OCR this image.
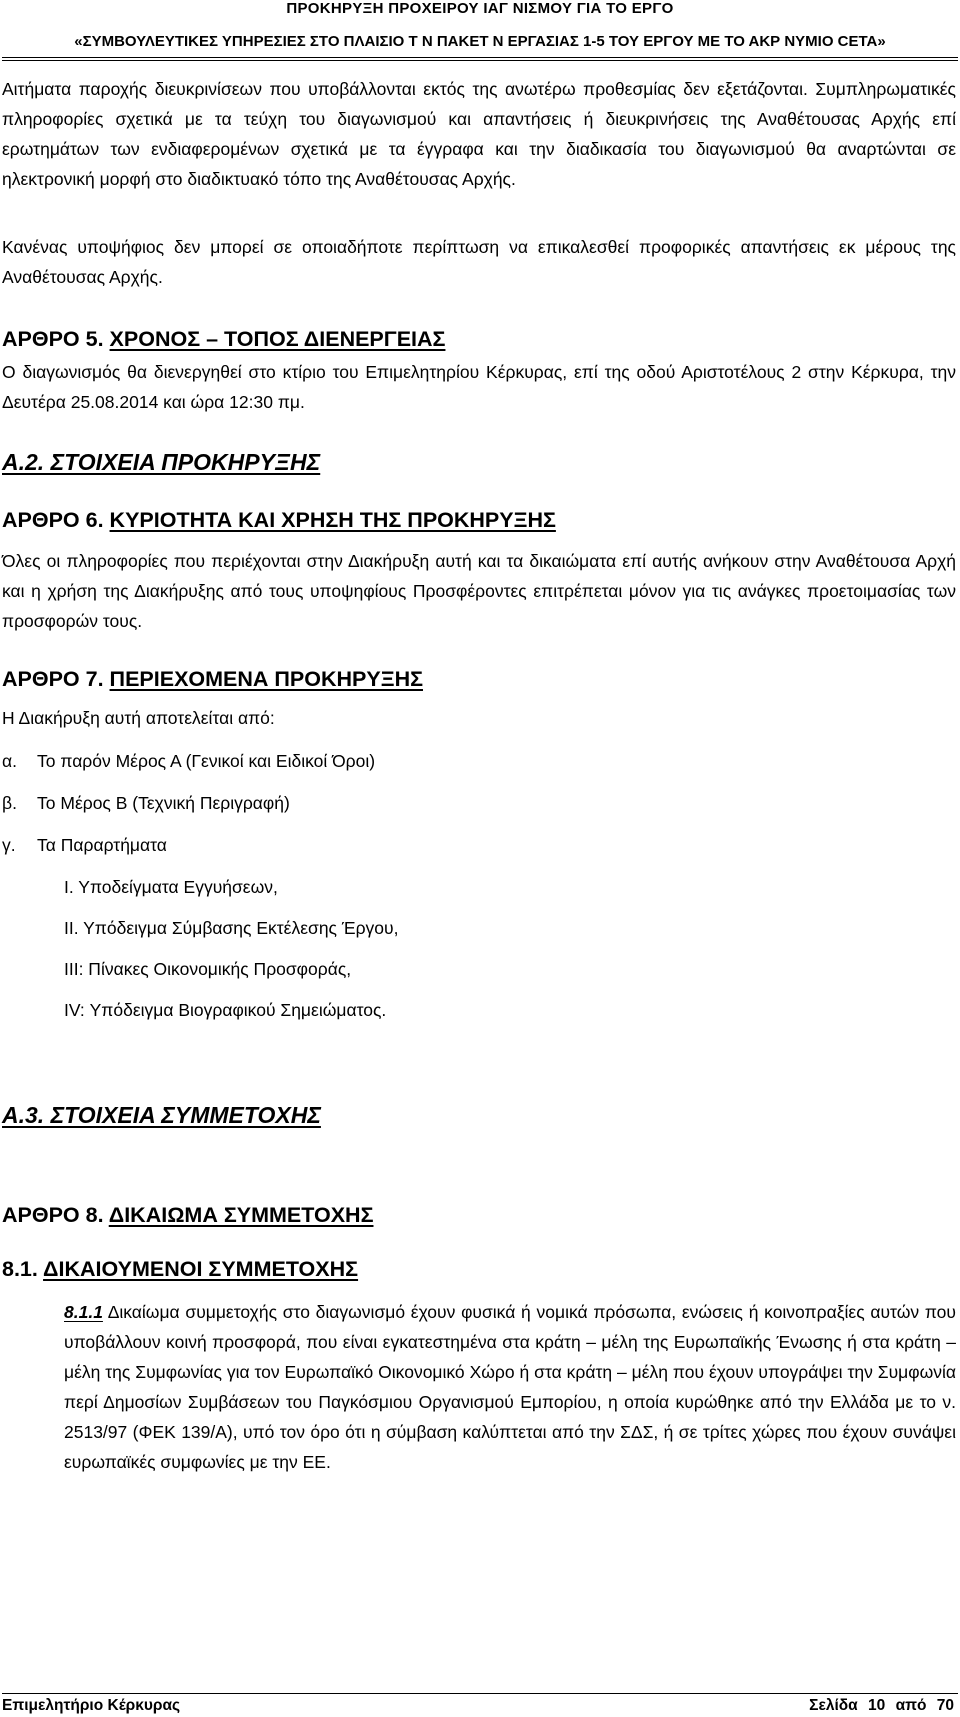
ΠΡΟΚΗΡΥΞΗ ΠΡΟΧΕΙΡΟΥ ΙΑΓ ΝΙΣΜΟΥ ΓΙΑ ΤΟ ΕΡΓΟ
«ΣΥΜΒΟΥΛΕΥΤΙΚΕΣ ΥΠΗΡΕΣΙΕΣ ΣΤΟ ΠΛΑΙΣΙΟ Τ Ν ΠΑΚΕΤ Ν ΕΡΓΑΣΙΑΣ 1-5 ΤΟΥ ΕΡΓΟΥ ΜΕ ΤΟ ΑΚΡ ΝΥΜΙΟ CETA»
Αιτήματα παροχής διευκρινίσεων που υποβάλλονται εκτός της ανωτέρω προθεσμίας δεν εξετάζονται. Συμπληρωματικές πληροφορίες σχετικά με τα τεύχη του διαγωνισμού και απαντήσεις ή διευκρινήσεις της Αναθέτουσας Αρχής επί ερωτημάτων των ενδιαφερομένων σχετικά με τα έγγραφα και την διαδικασία του διαγωνισμού θα αναρτώνται σε ηλεκτρονική μορφή στο διαδικτυακό τόπο της Αναθέτουσας Αρχής.
Κανένας υποψήφιος δεν μπορεί σε οποιαδήποτε περίπτωση να επικαλεσθεί προφορικές απαντήσεις εκ μέρους της Αναθέτουσας Αρχής.
ΑΡΘΡΟ 5. ΧΡΟΝΟΣ – ΤΟΠΟΣ ΔΙΕΝΕΡΓΕΙΑΣ
Ο διαγωνισμός θα διενεργηθεί στο κτίριο του Επιμελητηρίου Κέρκυρας, επί της οδού Αριστοτέλους 2 στην Κέρκυρα, την Δευτέρα 25.08.2014 και ώρα 12:30 πμ.
Α.2. ΣΤΟΙΧΕΙΑ ΠΡΟΚΗΡΥΞΗΣ
ΑΡΘΡΟ 6. ΚΥΡΙΟΤΗΤΑ ΚΑΙ ΧΡΗΣΗ ΤΗΣ ΠΡΟΚΗΡΥΞΗΣ
Όλες οι πληροφορίες που περιέχονται στην Διακήρυξη αυτή και τα δικαιώματα επί αυτής ανήκουν στην Αναθέτουσα Αρχή και η χρήση της Διακήρυξης από τους υποψηφίους Προσφέροντες επιτρέπεται μόνον για τις ανάγκες προετοιμασίας των προσφορών τους.
ΑΡΘΡΟ 7. ΠΕΡΙΕΧΟΜΕΝΑ ΠΡΟΚΗΡΥΞΗΣ
Η Διακήρυξη αυτή αποτελείται από:
α. Το παρόν Μέρος Α (Γενικοί και Ειδικοί Όροι)
β. Το Μέρος Β (Τεχνική Περιγραφή)
γ. Τα Παραρτήματα
Ι. Υποδείγματα Εγγυήσεων,
ΙΙ. Υπόδειγμα Σύμβασης Εκτέλεσης Έργου,
ΙΙΙ: Πίνακες Οικονομικής Προσφοράς,
IV: Υπόδειγμα Βιογραφικού Σημειώματος.
Α.3. ΣΤΟΙΧΕΙΑ ΣΥΜΜΕΤΟΧΗΣ
ΑΡΘΡΟ 8. ΔΙΚΑΙΩΜΑ ΣΥΜΜΕΤΟΧΗΣ
8.1. ΔΙΚΑΙΟΥΜΕΝΟΙ ΣΥΜΜΕΤΟΧΗΣ
8.1.1 Δικαίωμα συμμετοχής στο διαγωνισμό έχουν φυσικά ή νομικά πρόσωπα, ενώσεις ή κοινοπραξίες αυτών που υποβάλλουν κοινή προσφορά, που είναι εγκατεστημένα στα κράτη – μέλη της Ευρωπαϊκής Ένωσης ή στα κράτη – μέλη της Συμφωνίας για τον Ευρωπαϊκό Οικονομικό Χώρο ή στα κράτη – μέλη που έχουν υπογράψει την Συμφωνία περί Δημοσίων Συμβάσεων του Παγκόσμιου Οργανισμού Εμπορίου, η οποία κυρώθηκε από την Ελλάδα με το ν. 2513/97 (ΦΕΚ 139/Α), υπό τον όρο ότι η σύμβαση καλύπτεται από την ΣΔΣ, ή σε τρίτες χώρες που έχουν συνάψει ευρωπαϊκές συμφωνίες με την ΕΕ.
Επιμελητήριο Κέρκυρας	Σελίδα 10 από 70
